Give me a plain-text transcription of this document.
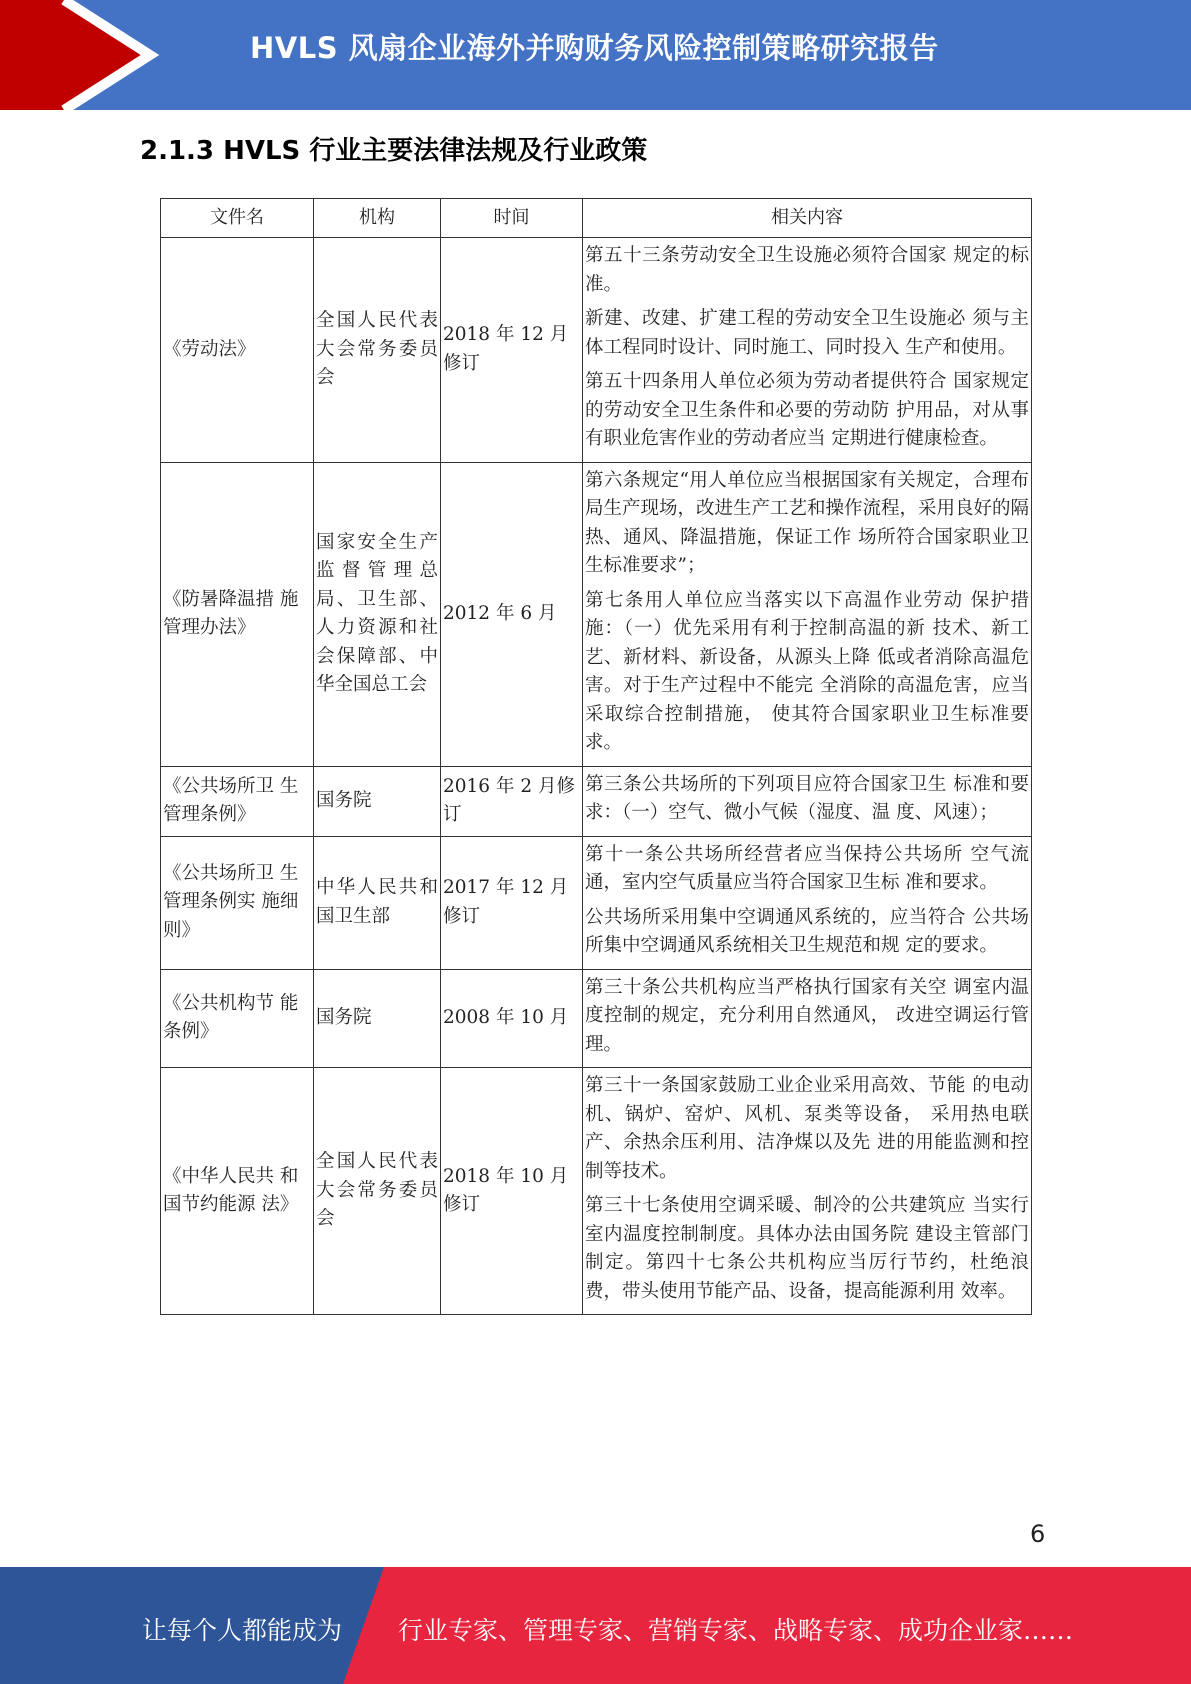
HVLS 风扇企业海外并购财务风险控制策略研究报告
2.1.3 HVLS 行业主要法律法规及行业政策
文件名	机构	时间	相关内容
《劳动法》	全国人民代表大会常务委员会	2018 年 12 月修订	第五十三条劳动安全卫生设施必须符合国家 规定的标准。

新建、改建、扩建工程的劳动安全卫生设施必 须与主体工程同时设计、同时施工、同时投入 生产和使用。

第五十四条用人单位必须为劳动者提供符合 国家规定的劳动安全卫生条件和必要的劳动防 护用品，对从事有职业危害作业的劳动者应当 定期进行健康检查。

《防暑降温措 施管理办法》	国家安全生产监督管理总局、卫生部、人力资源和社会保障部、中华全国总工会	2012 年 6 月	第六条规定“用人单位应当根据国家有关规定，合理布局生产现场，改进生产工艺和操作流程，采用良好的隔热、通风、降温措施，保证工作 场所符合国家职业卫生标准要求”；

第七条用人单位应当落实以下高温作业劳动 保护措施：（一）优先采用有利于控制高温的新 技术、新工艺、新材料、新设备，从源头上降 低或者消除高温危害。对于生产过程中不能完 全消除的高温危害，应当采取综合控制措施， 使其符合国家职业卫生标准要求。

《公共场所卫 生管理条例》	国务院	2016 年 2 月修订	第三条公共场所的下列项目应符合国家卫生 标准和要求：（一）空气、微小气候（湿度、温 度、风速）；

《公共场所卫 生管理条例实 施细则》	中华人民共和国卫生部	2017 年 12 月修订	第十一条公共场所经营者应当保持公共场所 空气流通，室内空气质量应当符合国家卫生标 准和要求。

公共场所采用集中空调通风系统的，应当符合 公共场所集中空调通风系统相关卫生规范和规 定的要求。

《公共机构节 能条例》	国务院	2008 年 10 月	第三十条公共机构应当严格执行国家有关空 调室内温度控制的规定，充分利用自然通风， 改进空调运行管理。

《中华人民共 和国节约能源 法》	全国人民代表大会常务委员会	2018 年 10 月修订	第三十一条国家鼓励工业企业采用高效、节能 的电动机、锅炉、窑炉、风机、泵类等设备， 采用热电联产、余热余压利用、洁净煤以及先 进的用能监测和控制等技术。

第三十七条使用空调采暖、制冷的公共建筑应 当实行室内温度控制制度。具体办法由国务院 建设主管部门制定。第四十七条公共机构应当厉行节约，杜绝浪 费，带头使用节能产品、设备，提高能源利用 效率。

6
让每个人都能成为 行业专家、管理专家、营销专家、战略专家、成功企业家……
